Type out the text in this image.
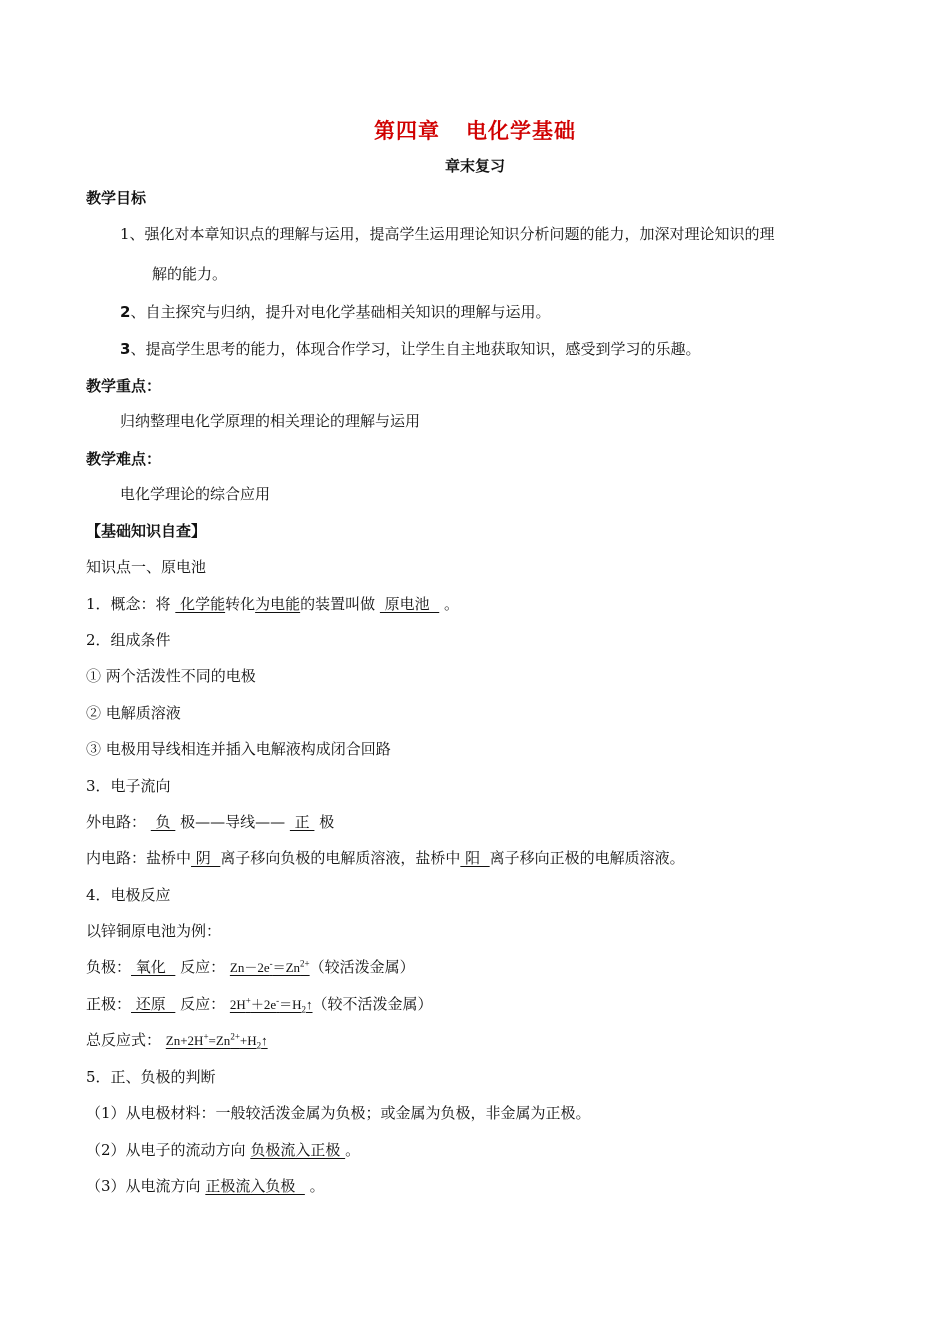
第四章 电化学基础
章末复习
教学目标
1、强化对本章知识点的理解与运用，提高学生运用理论知识分析问题的能力，加深对理论知识的理
解的能力。
2、自主探究与归纳，提升对电化学基础相关知识的理解与运用。
3、提高学生思考的能力，体现合作学习，让学生自主地获取知识，感受到学习的乐趣。
教学重点：
归纳整理电化学原理的相关理论的理解与运用
教学难点：
电化学理论的综合应用
【基础知识自查】
知识点一、原电池
1．概念：将  化学能转化为电能的装置叫做  原电池   。
2．组成条件
① 两个活泼性不同的电极
② 电解质溶液
③ 电极用导线相连并插入电解液构成闭合回路
3．电子流向
外电路：  负  极——导线——  正  极
内电路：盐桥中 阴  离子移向负极的电解质溶液，盐桥中 阳  离子移向正极的电解质溶液。
4．电极反应
以锌铜原电池为例：
负极： 氧化   反应： $Zn-2e^-=Zn^{2+}$（较活泼金属）
正极： 还原   反应： $2H^++2e^-=H_2↑$（较不活泼金属）
总反应式： $Zn+2H^+=Zn^{2+}+H_2↑$
5．正、负极的判断
（1）从电极材料：一般较活泼金属为负极；或金属为负极，非金属为正极。
（2）从电子的流动方向 负极流入正极 。
（3）从电流方向 正极流入负极   。
